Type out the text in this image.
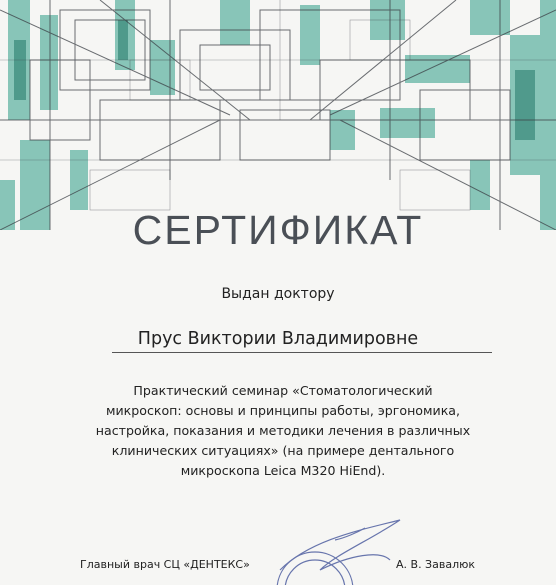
СЕРТИФИКАТ
Выдан доктору
Прус Виктории Владимировне
Практический семинар «Стоматологический микроскоп: основы и принципы работы, эргономика, настройка, показания и методики лечения в различных клинических ситуациях» (на примере дентального микроскопа Leica M320 HiEnd).
Главный врач СЦ «ДЕНТЕКС»	А. В. Завалюк
